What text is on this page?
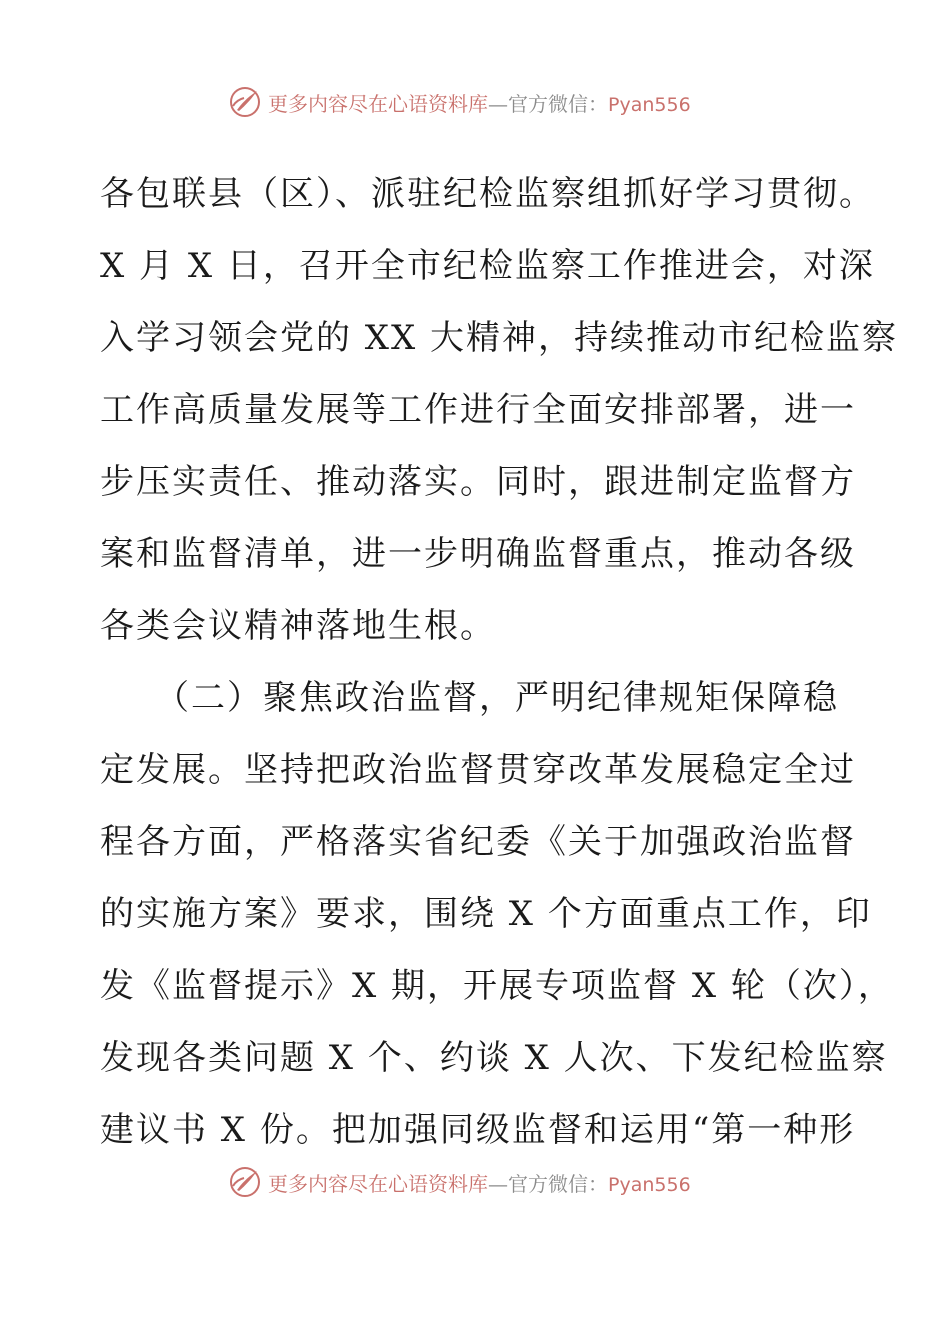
更多内容尽在心语资料库—官方微信：Pyan556
各包联县（区）、派驻纪检监察组抓好学习贯彻。
X 月 X 日，召开全市纪检监察工作推进会，对深
入学习领会党的 XX 大精神，持续推动市纪检监察
工作高质量发展等工作进行全面安排部署，进一
步压实责任、推动落实。同时，跟进制定监督方
案和监督清单，进一步明确监督重点，推动各级
各类会议精神落地生根。
　　（二）聚焦政治监督，严明纪律规矩保障稳
定发展。坚持把政治监督贯穿改革发展稳定全过
程各方面，严格落实省纪委《关于加强政治监督
的实施方案》要求，围绕 X 个方面重点工作，印
发《监督提示》X 期，开展专项监督 X 轮（次），
发现各类问题 X 个、约谈 X 人次、下发纪检监察
建议书 X 份。把加强同级监督和运用“第一种形
更多内容尽在心语资料库—官方微信：Pyan556
